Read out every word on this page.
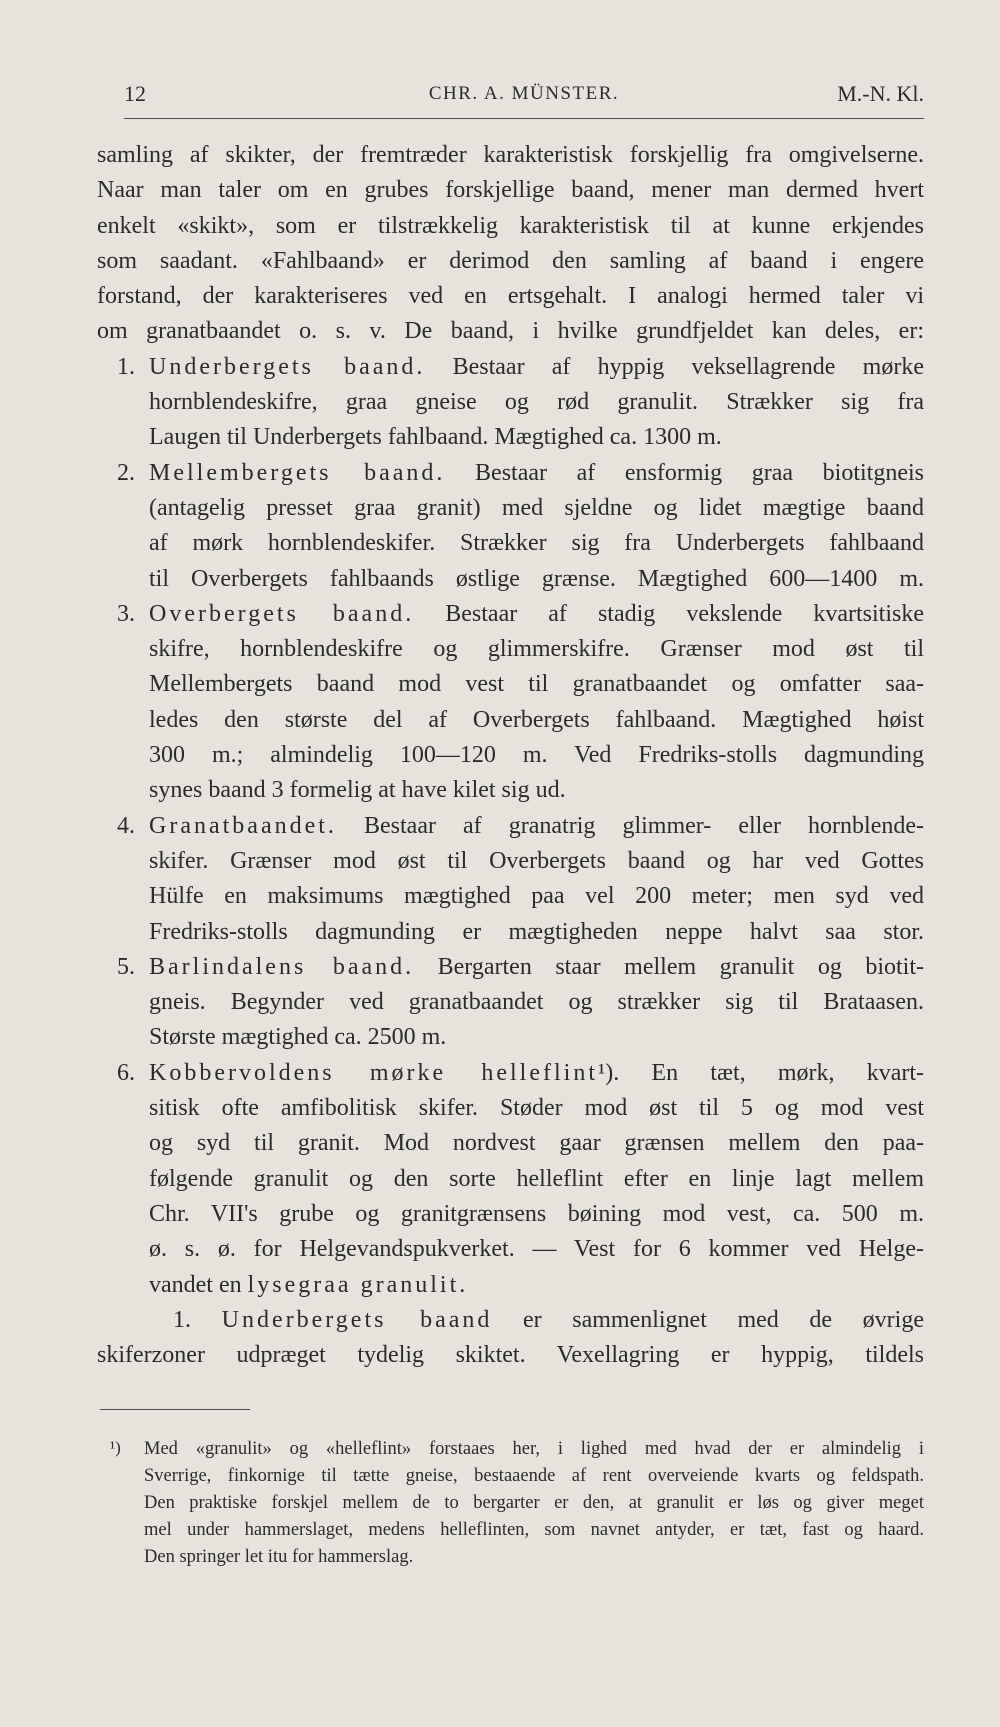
12	CHR. A. MÜNSTER.	M.-N. Kl.
samling af skikter, der fremtræder karakteristisk forskjellig fra omgivelserne.
Naar man taler om en grubes forskjellige baand, mener man dermed hvert
enkelt «skikt», som er tilstrækkelig karakteristisk til at kunne erkjendes
som saadant. «Fahlbaand» er derimod den samling af baand i engere
forstand, der karakteriseres ved en ertsgehalt. I analogi hermed taler vi
om granatbaandet o. s. v. De baand, i hvilke grundfjeldet kan deles, er:
1. Underbergets baand. Bestaar af hyppig veksellagrende mørke
hornblendeskifre, graa gneise og rød granulit. Strækker sig fra
Laugen til Underbergets fahlbaand. Mægtighed ca. 1300 m.
2. Mellembergets baand. Bestaar af ensformig graa biotitgneis
(antagelig presset graa granit) med sjeldne og lidet mægtige baand
af mørk hornblendeskifer. Strækker sig fra Underbergets fahlbaand
til Overbergets fahlbaands østlige grænse. Mægtighed 600—1400 m.
3. Overbergets baand. Bestaar af stadig vekslende kvartsitiske
skifre, hornblendeskifre og glimmerskifre. Grænser mod øst til
Mellembergets baand mod vest til granatbaandet og omfatter saa-
ledes den største del af Overbergets fahlbaand. Mægtighed høist
300 m.; almindelig 100—120 m. Ved Fredriks-stolls dagmunding
synes baand 3 formelig at have kilet sig ud.
4. Granatbaandet. Bestaar af granatrig glimmer- eller hornblende-
skifer. Grænser mod øst til Overbergets baand og har ved Gottes
Hülfe en maksimums mægtighed paa vel 200 meter; men syd ved
Fredriks-stolls dagmunding er mægtigheden neppe halvt saa stor.
5. Barlindalens baand. Bergarten staar mellem granulit og biotit-
gneis. Begynder ved granatbaandet og strækker sig til Brataasen.
Største mægtighed ca. 2500 m.
6. Kobbervoldens mørke helleflint¹). En tæt, mørk, kvart-
sitisk ofte amfibolitisk skifer. Støder mod øst til 5 og mod vest
og syd til granit. Mod nordvest gaar grænsen mellem den paa-
følgende granulit og den sorte helleflint efter en linje lagt mellem
Chr. VII's grube og granitgrænsens bøining mod vest, ca. 500 m.
ø. s. ø. for Helgevandspukverket. — Vest for 6 kommer ved Helge-
vandet en lysegraa granulit.
1. Underbergets baand er sammenlignet med de øvrige
skiferzoner udpræget tydelig skiktet. Vexellagring er hyppig, tildels
¹) Med «granulit» og «helleflint» forstaaes her, i lighed med hvad der er almindelig i
Sverrige, finkornige til tætte gneise, bestaaende af rent overveiende kvarts og feldspath.
Den praktiske forskjel mellem de to bergarter er den, at granulit er løs og giver meget
mel under hammerslaget, medens helleflinten, som navnet antyder, er tæt, fast og haard.
Den springer let itu for hammerslag.
